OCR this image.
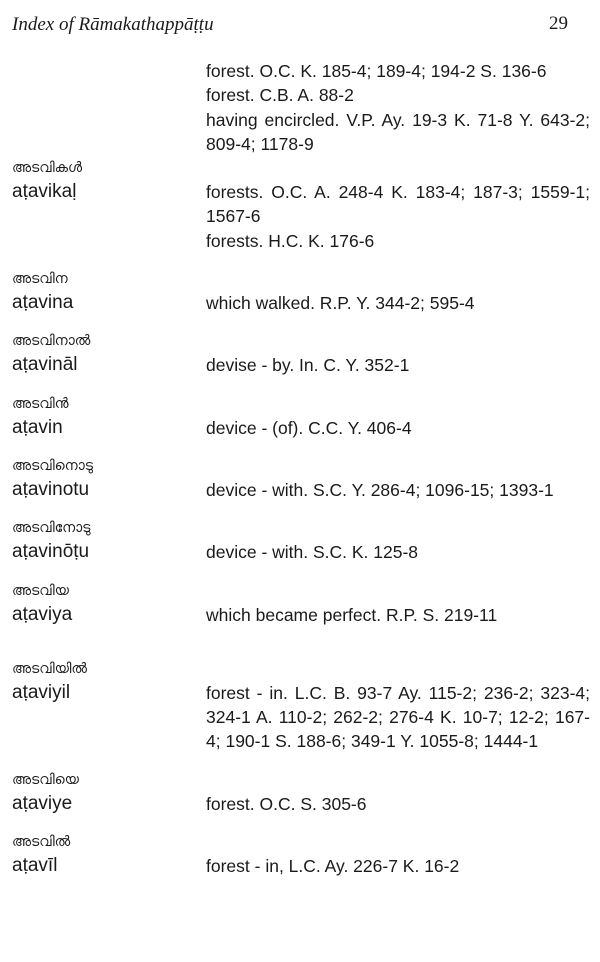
Index of Rāmakathappāṭṭu	29
forest. O.C. K. 185-4; 189-4; 194-2 S. 136-6
forest. C.B. A. 88-2
having encircled. V.P. Ay. 19-3 K. 71-8 Y. 643-2; 809-4; 1178-9
അടവികൾ
aṭavikaḷ	forests. O.C. A. 248-4 K. 183-4; 187-3; 1559-1; 1567-6
forests. H.C. K. 176-6
അടവിന
aṭavina	which walked. R.P. Y. 344-2; 595-4
അടവിനാൽ
aṭavināl	devise - by. In. C. Y. 352-1
അടവിൻ
aṭavin	device - (of). C.C. Y. 406-4
അടവിനൊടു
aṭavinotu	device - with. S.C. Y. 286-4; 1096-15; 1393-1
അടവിനോടു
aṭavinōṭu	device - with. S.C. K. 125-8
അടവിയ
aṭaviya	which became perfect. R.P. S. 219-11
അടവിയിൽ
aṭaviyil	forest - in. L.C. B. 93-7 Ay. 115-2; 236-2; 323-4; 324-1 A. 110-2; 262-2; 276-4 K. 10-7; 12-2; 167-4; 190-1 S. 188-6; 349-1 Y. 1055-8; 1444-1
അടവിയെ
aṭaviye	forest. O.C. S. 305-6
അടവിൽ
aṭavīl	forest - in, L.C. Ay. 226-7 K. 16-2
